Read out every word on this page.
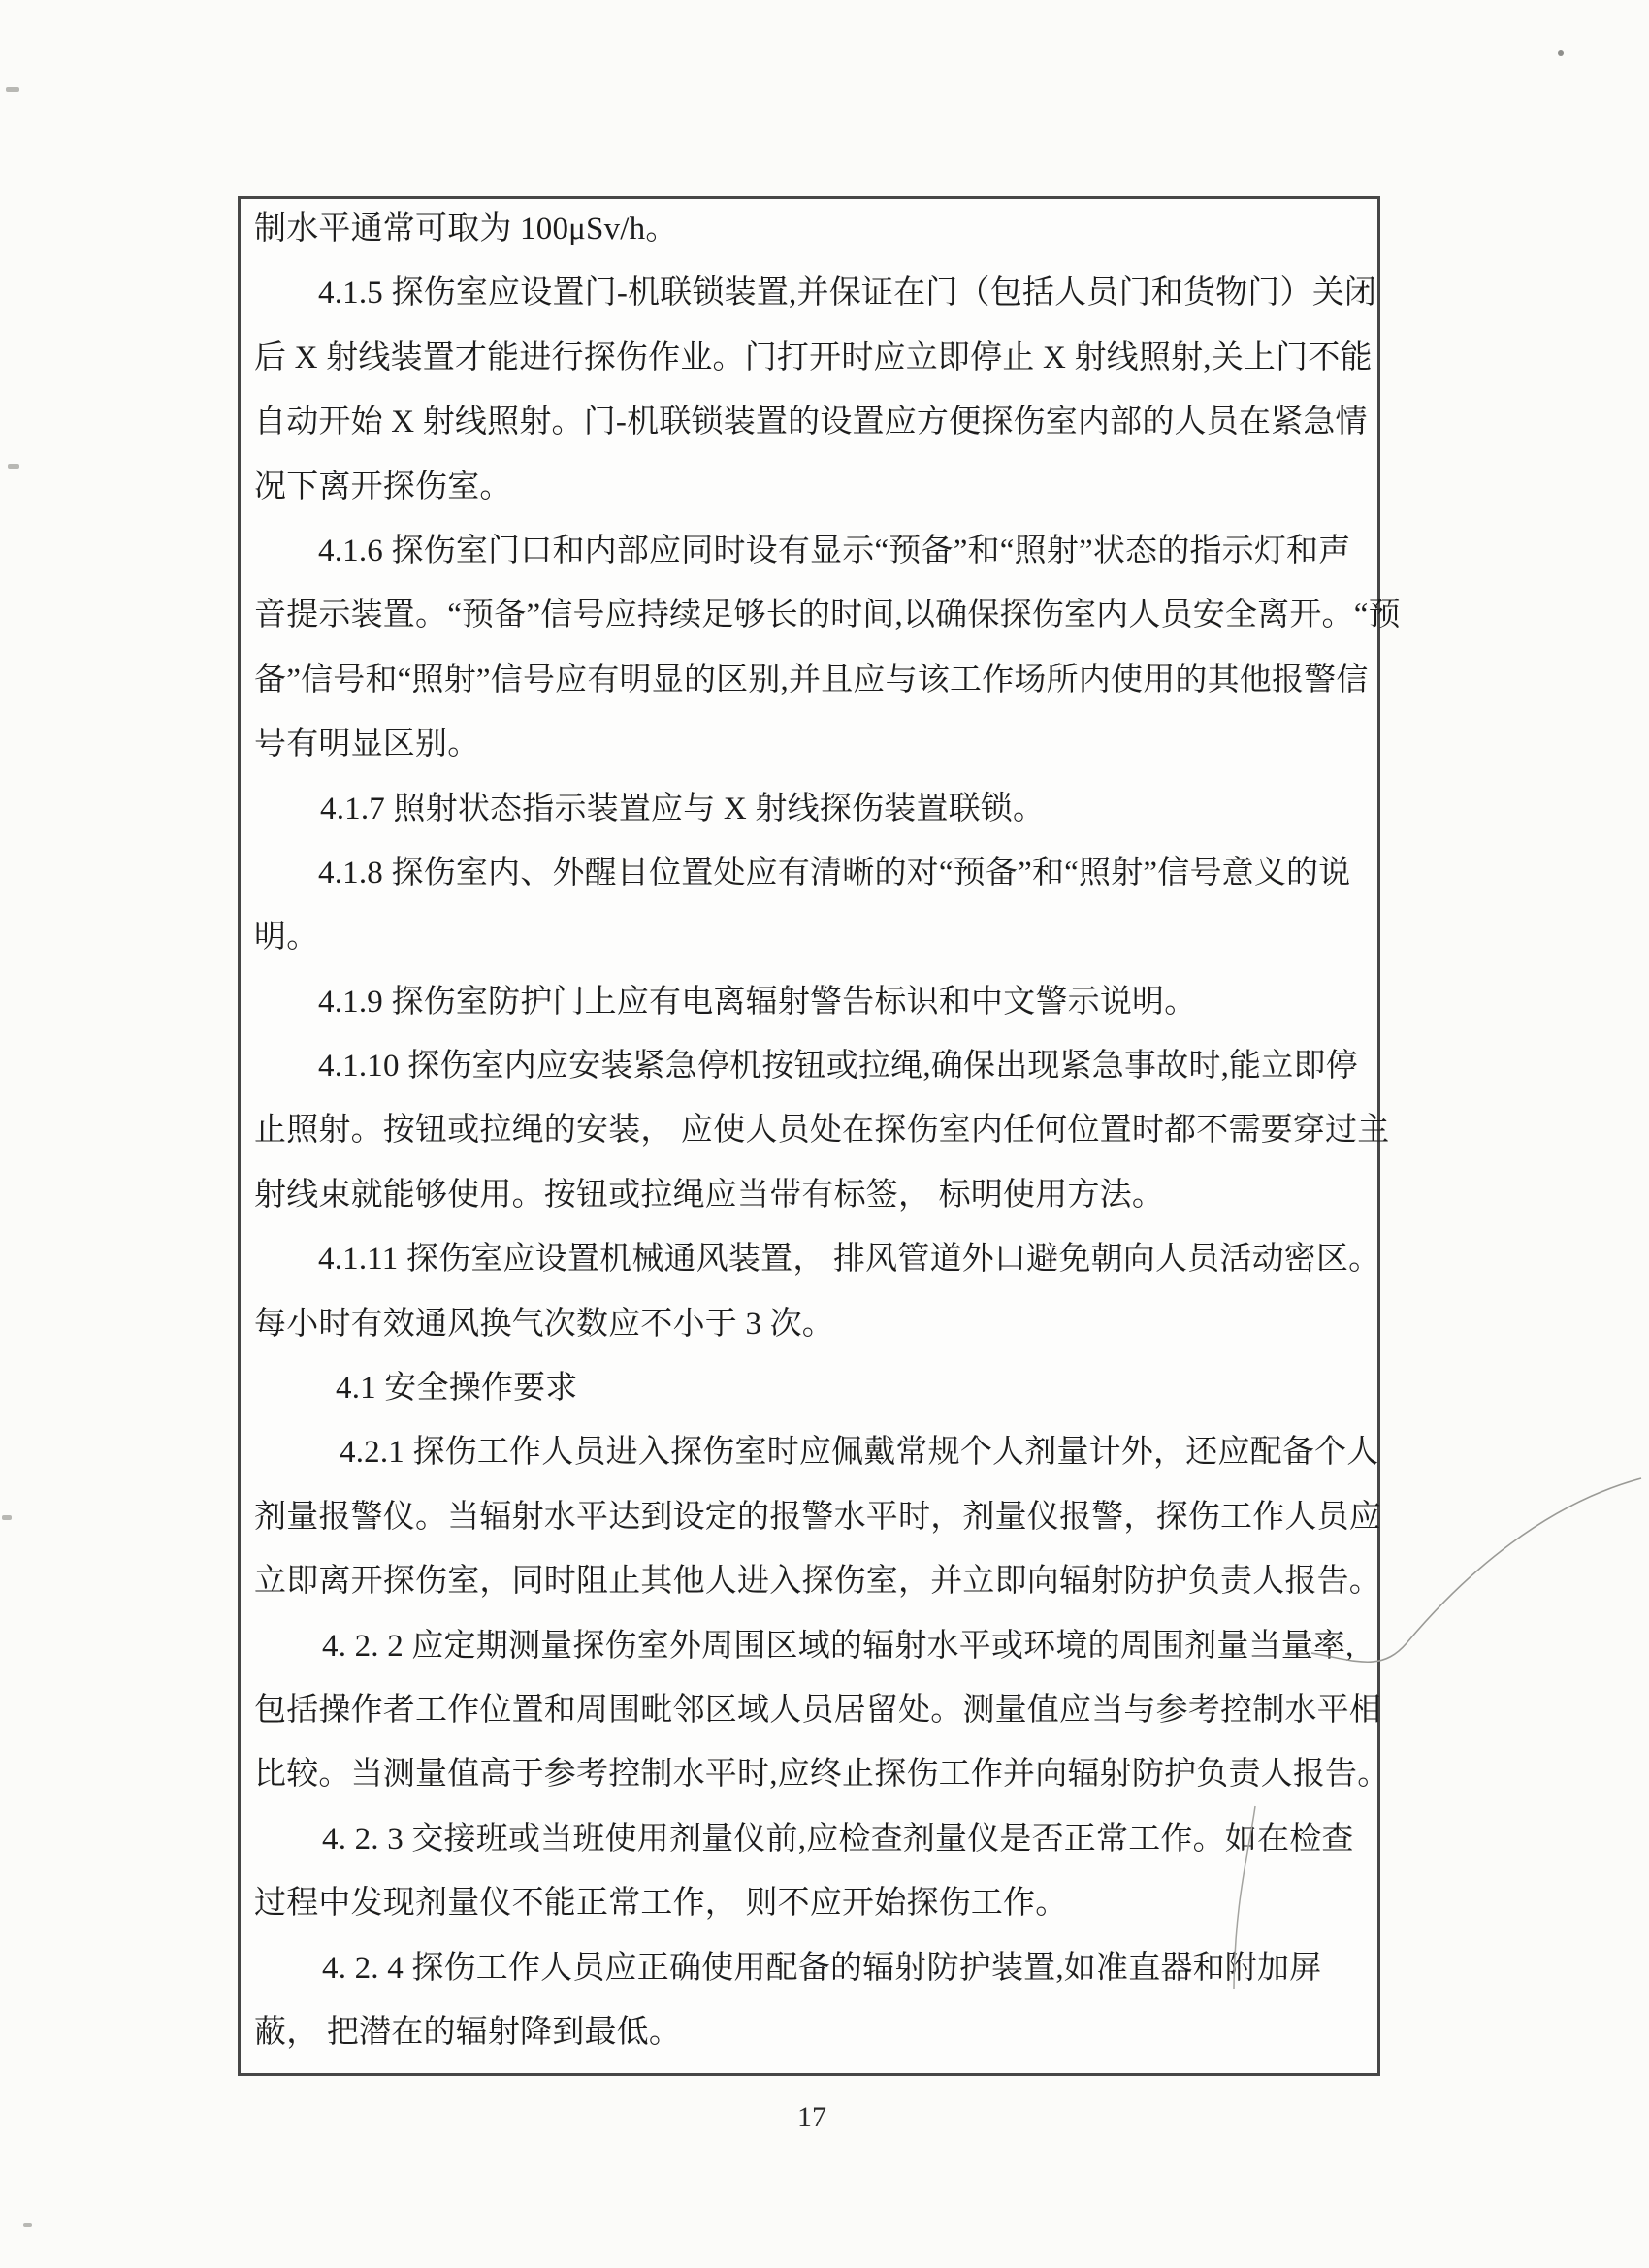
制水平通常可取为 100μSv/h。
4.1.5 探伤室应设置门-机联锁装置,并保证在门（包括人员门和货物门）关闭
后 X 射线装置才能进行探伤作业。门打开时应立即停止 X 射线照射,关上门不能
自动开始 X 射线照射。门-机联锁装置的设置应方便探伤室内部的人员在紧急情
况下离开探伤室。
4.1.6 探伤室门口和内部应同时设有显示“预备”和“照射”状态的指示灯和声
音提示装置。“预备”信号应持续足够长的时间,以确保探伤室内人员安全离开。“预
备”信号和“照射”信号应有明显的区别,并且应与该工作场所内使用的其他报警信
号有明显区别。
4.1.7 照射状态指示装置应与 X 射线探伤装置联锁。
4.1.8 探伤室内、外醒目位置处应有清晰的对“预备”和“照射”信号意义的说
明。
4.1.9 探伤室防护门上应有电离辐射警告标识和中文警示说明。
4.1.10 探伤室内应安装紧急停机按钮或拉绳,确保出现紧急事故时,能立即停
止照射。按钮或拉绳的安装， 应使人员处在探伤室内任何位置时都不需要穿过主
射线束就能够使用。按钮或拉绳应当带有标签， 标明使用方法。
4.1.11 探伤室应设置机械通风装置， 排风管道外口避免朝向人员活动密区。
每小时有效通风换气次数应不小于 3 次。
4.1 安全操作要求
4.2.1 探伤工作人员进入探伤室时应佩戴常规个人剂量计外，还应配备个人
剂量报警仪。当辐射水平达到设定的报警水平时，剂量仪报警，探伤工作人员应
立即离开探伤室，同时阻止其他人进入探伤室，并立即向辐射防护负责人报告。
4. 2. 2 应定期测量探伤室外周围区域的辐射水平或环境的周围剂量当量率,
包括操作者工作位置和周围毗邻区域人员居留处。测量值应当与参考控制水平相
比较。当测量值高于参考控制水平时,应终止探伤工作并向辐射防护负责人报告。
4. 2. 3 交接班或当班使用剂量仪前,应检查剂量仪是否正常工作。如在检查
过程中发现剂量仪不能正常工作， 则不应开始探伤工作。
4. 2. 4 探伤工作人员应正确使用配备的辐射防护装置,如准直器和附加屏
蔽， 把潜在的辐射降到最低。
17
